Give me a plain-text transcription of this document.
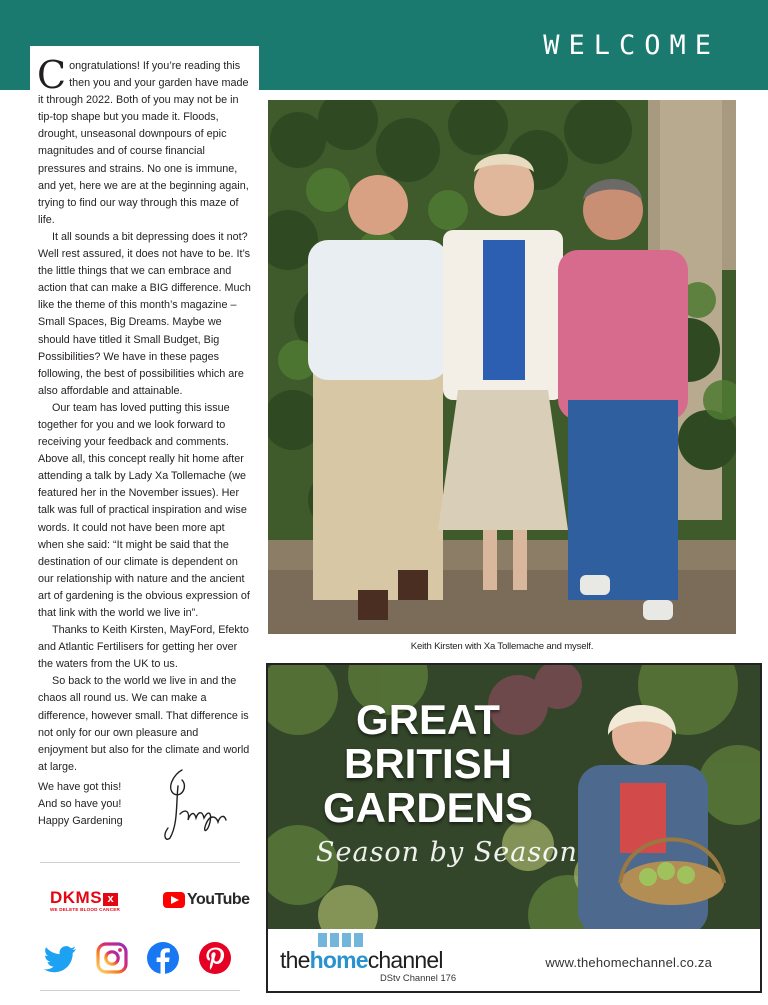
WELCOME

Congratulations! If you’re reading this then you and your garden have made it through 2022. Both of you may not be in tip-top shape but you made it. Floods, drought, unseasonal downpours of epic magnitudes and of course financial pressures and strains. No one is immune, and yet, here we are at the beginning again, trying to find our way through this maze of life.

It all sounds a bit depressing does it not? Well rest assured, it does not have to be. It’s the little things that we can embrace and action that can make a BIG difference. Much like the theme of this month’s magazine – Small Spaces, Big Dreams. Maybe we should have titled it Small Budget, Big Possibilities? We have in these pages following, the best of possibilities which are also affordable and attainable.

Our team has loved putting this issue together for you and we look forward to receiving your feedback and comments. Above all, this concept really hit home after attending a talk by Lady Xa Tollemache (we featured her in the November issues). Her talk was full of practical inspiration and wise words. It could not have been more apt when she said: “It might be said that the destination of our climate is dependent on our relationship with nature and the ancient art of gardening is the obvious expression of that link with the world we live in”.

Thanks to Keith Kirsten, MayFord, Efekto and Atlantic Fertilisers for getting her over the waters from the UK to us.

So back to the world we live in and the chaos all round us. We can make a difference, however small. That difference is not only for our own pleasure and enjoyment but also for the climate and world at large.

We have got this!
And so have you!
Happy Gardening
DKMS x
WE DELETE BLOOD CANCER
YouTube
Keith Kirsten with Xa Tollemache and myself.
GREAT
BRITISH
GARDENS
Season by Season
thehomechannel
DStv Channel 176
www.thehomechannel.co.za
